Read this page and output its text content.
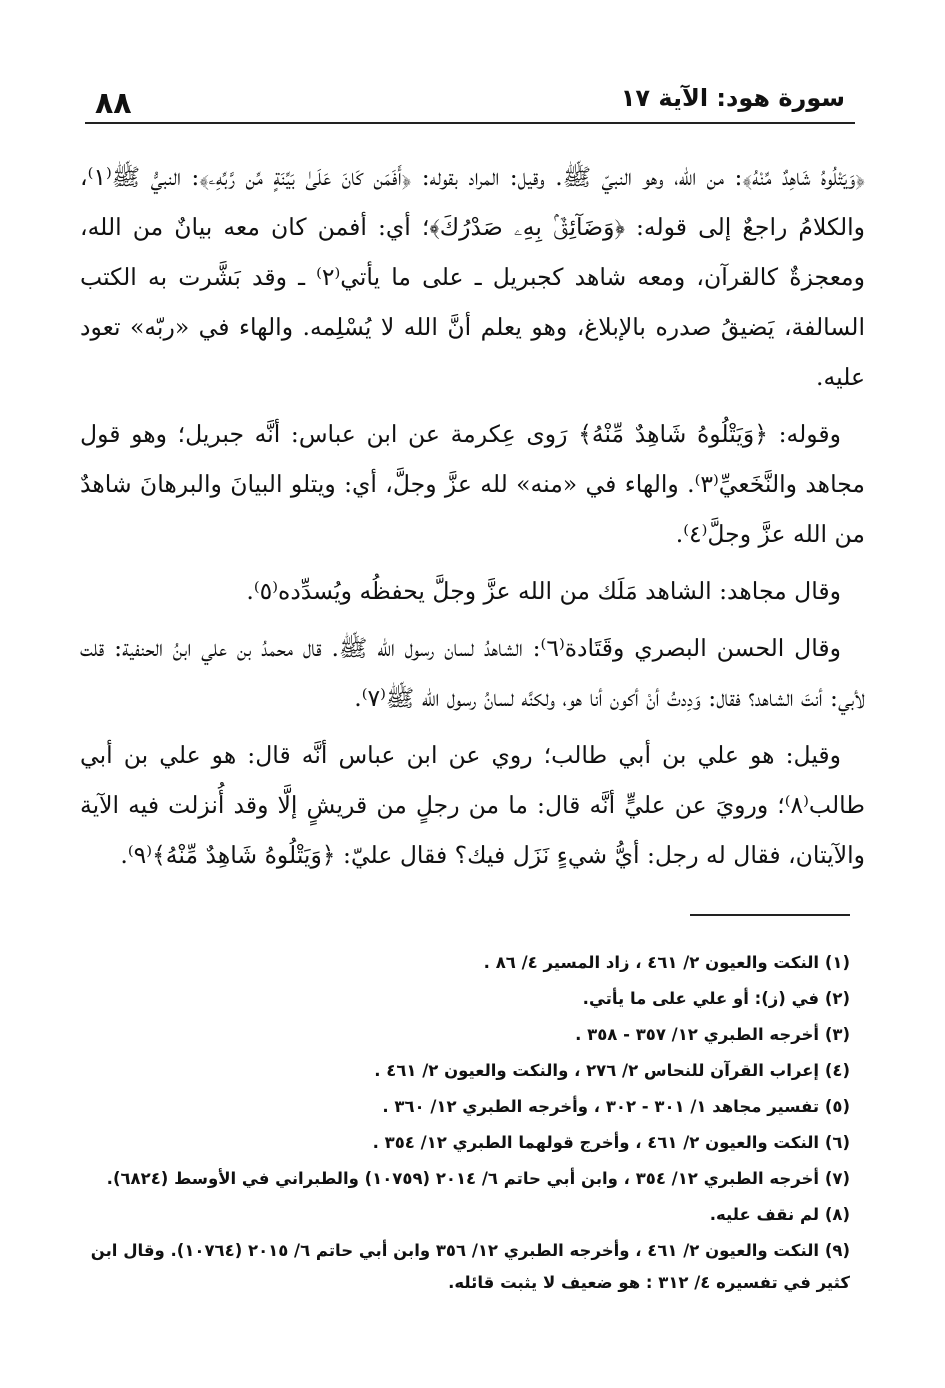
٨٨	سورة هود: الآية ١٧

﴿وَيَتْلُوهُ شَاهِدٌ مِّنْهُ﴾: من الله، وهو النبيّ ﷺ. وقيل: المراد بقوله: ﴿أَفَمَن كَانَ عَلَىٰ بَيِّنَةٍ مِّن رَّبِّهِۦ﴾: النبيُّ ﷺ⁽١⁾، والكلامُ راجعٌ إلى قوله: ﴿وَضَآئِقٌۢ بِهِۦ صَدْرُكَ﴾؛ أي: أفمن كان معه بيانٌ من الله، ومعجزةٌ كالقرآن، ومعه شاهد كجبريل ـ على ما يأتي⁽٢⁾ ـ وقد بَشَّرت به الكتب السالفة، يَضيقُ صدره بالإبلاغ، وهو يعلم أنَّ الله لا يُسْلِمه. والهاء في «ربّه» تعود عليه.

وقوله: ﴿وَيَتْلُوهُ شَاهِدٌ مِّنْهُ﴾ رَوى عِكرمة عن ابن عباس: أنَّه جبريل؛ وهو قول مجاهد والنَّخَعيِّ⁽٣⁾. والهاء في «منه» لله عزَّ وجلَّ، أي: ويتلو البيانَ والبرهانَ شاهدٌ من الله عزَّ وجلَّ⁽٤⁾.

وقال مجاهد: الشاهد مَلَك من الله عزَّ وجلَّ يحفظُه ويُسدِّده⁽٥⁾.

وقال الحسن البصري وقَتَادة⁽٦⁾: الشاهدُ لسان رسول الله ﷺ. قال محمدُ بن علي ابنُ الحنفية: قلت لأبي: أنتَ الشاهد؟ فقال: وَدِدتُ أنْ أكون أنا هو، ولكنَّه لسانُ رسول الله ﷺ⁽٧⁾.

وقيل: هو علي بن أبي طالب؛ روي عن ابن عباس أنَّه قال: هو علي بن أبي طالب⁽٨⁾؛ ورويَ عن عليٍّ أنَّه قال: ما من رجلٍ من قريشٍ إلَّا وقد أُنزلت فيه الآية والآيتان، فقال له رجل: أيُّ شيءٍ نَزَل فيك؟ فقال عليّ: ﴿وَيَتْلُوهُ شَاهِدٌ مِّنْهُ﴾⁽٩⁾.

(١) النكت والعيون ٢/ ٤٦١ ، زاد المسير ٤/ ٨٦ .
(٢) في (ز): أو علي على ما يأتي.
(٣) أخرجه الطبري ١٢/ ٣٥٧ - ٣٥٨ .
(٤) إعراب القرآن للنحاس ٢/ ٢٧٦ ، والنكت والعيون ٢/ ٤٦١ .
(٥) تفسير مجاهد ١/ ٣٠١ - ٣٠٢ ، وأخرجه الطبري ١٢/ ٣٦٠ .
(٦) النكت والعيون ٢/ ٤٦١ ، وأخرج قولهما الطبري ١٢/ ٣٥٤ .
(٧) أخرجه الطبري ١٢/ ٣٥٤ ، وابن أبي حاتم ٦/ ٢٠١٤ (١٠٧٥٩) والطبراني في الأوسط (٦٨٢٤).
(٨) لم نقف عليه.
(٩) النكت والعيون ٢/ ٤٦١ ، وأخرجه الطبري ١٢/ ٣٥٦ وابن أبي حاتم ٦/ ٢٠١٥ (١٠٧٦٤). وقال ابن كثير في تفسيره ٤/ ٣١٢ : هو ضعيف لا يثبت قائله.
